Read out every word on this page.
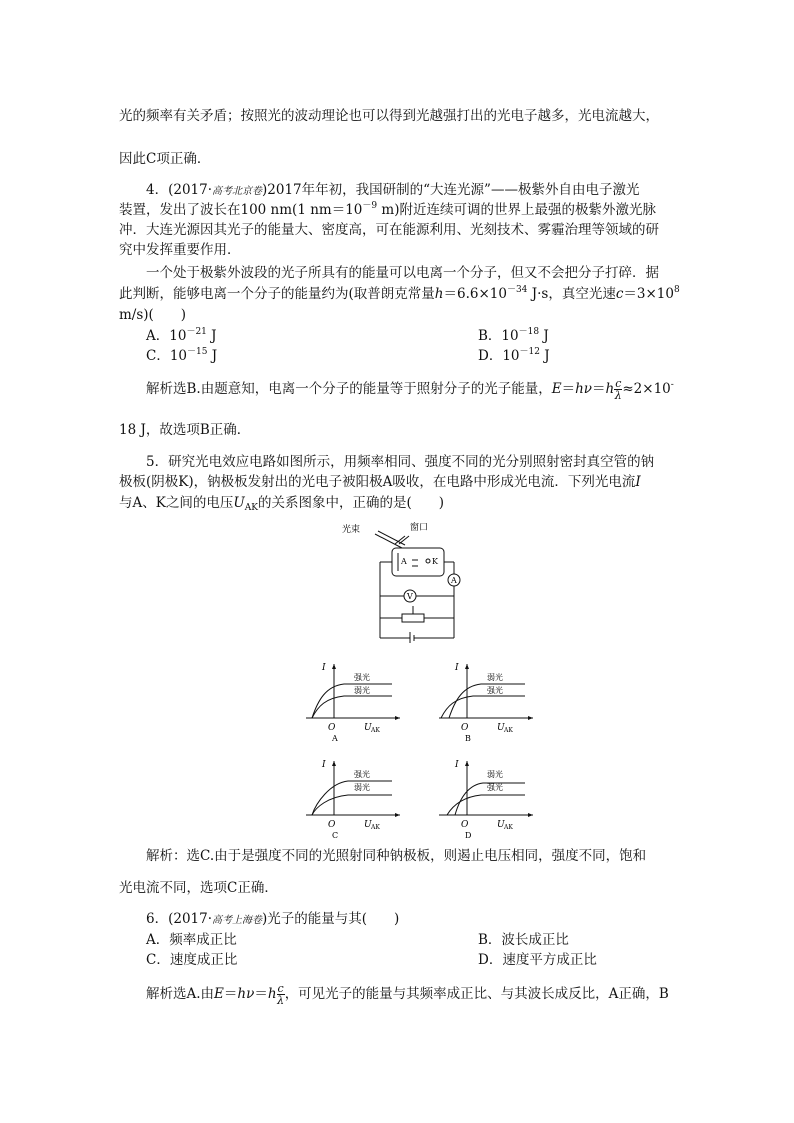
光的频率有关矛盾；按照光的波动理论也可以得到光越强打出的光电子越多，光电流越大，
因此C项正确．
4．(2017·高考北京卷)2017年年初，我国研制的“大连光源”——极紫外自由电子激光
装置，发出了波长在100 nm(1 $nm=10^{-9}$ m)附近连续可调的世界上最强的极紫外激光脉
冲．大连光源因其光子的能量大、密度高，可在能源利用、光刻技术、雾霾治理等领域的研
究中发挥重要作用．
一个处于极紫外波段的光子所具有的能量可以电离一个分子，但又不会把分子打碎．据
此判断，能够电离一个分子的能量约为(取普朗克常量$h=6.6\times 10^{-34}$ J·s，真空光速$c=3\times 10^8$
m/s)(　　)
A．$10^{-21}$ J	B．$10^{-18}$ J
C．$10^{-15}$ J	D．$10^{-12}$ J
解析选B.由题意知，电离一个分子的能量等于照射分子的光子能量，$E=h\nu=h \frac{c}{\lambda} \approx 2\times 10^-$
18 J，故选项B正确．
5．研究光电效应电路如图所示，用频率相同、强度不同的光分别照射密封真空管的钠
极板(阴极K)，钠极板发射出的光电子被阳极A吸收，在电路中形成光电流．下列光电流I
与A、K之间的电压$U_{AK}$的关系图象中，正确的是(　　)
光束	窗口
A	K
A
V
强光
弱光
I
O	U AK
A
弱光
强光
I
O	U AK
B
强光
弱光
I
O	U AK
C
弱光
强光
I
O	U AK
D
解析：选C.由于是强度不同的光照射同种钠极板，则遏止电压相同，强度不同，饱和
光电流不同，选项C正确．
6．(2017·高考上海卷)光子的能量与其(　　)
A．频率成正比	B．波长成正比
C．速度成正比	D．速度平方成正比
解析选A.由$E=h\nu=h \frac{c}{\lambda}$ ，可见光子的能量与其频率成正比、与其波长成反比，A正确，B
